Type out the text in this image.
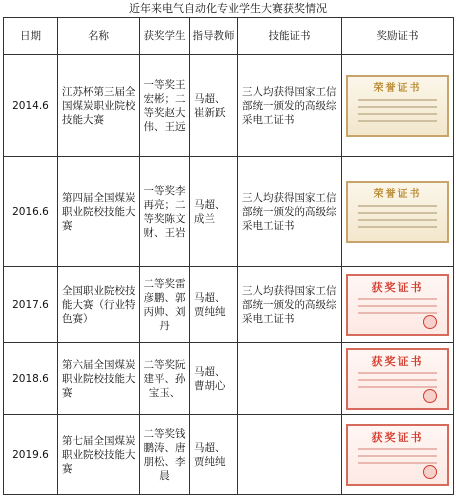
近年来电气自动化专业学生大赛获奖情况
日期	名称	获奖学生	指导教师	技能证书	奖励证书
2014.6	江苏杯第三届全国煤炭职业院校技能大赛	一等奖王宏彬；二等奖赵大伟、王远	马超、崔新跃	三人均获得国家工信部统一颁发的高级综采电工证书	荣誉证书

2016.6	第四届全国煤炭职业院校技能大赛	一等奖李再亮；二等奖陈文财、王岩	马超、成兰	三人均获得国家工信部统一颁发的高级综采电工证书	荣誉证书

2017.6	全国职业院校技能大赛（行业特色赛）	二等奖雷彦鹏、郭丙帅、刘丹	马超、贾纯纯	三人均获得国家工信部统一颁发的高级综采电工证书	获奖证书

2018.6	第六届全国煤炭职业院校技能大赛	二等奖阮建平、孙宝玉、	马超、曹胡心		获奖证书

2019.6	第七届全国煤炭职业院校技能大赛	二等奖钱鹏涛、唐朋松、李晨	马超、贾纯纯		获奖证书
